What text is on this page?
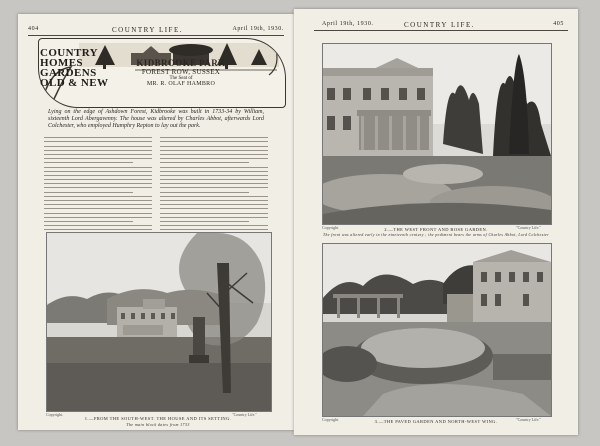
404	COUNTRY LIFE.	April 19th, 1930.
COUNTRY
HOMES
GARDENS
OLD & NEW
KIDBROOKE PARK
FOREST ROW, SUSSEX
The Seat of
MR. R. OLAF HAMBRO
Lying on the edge of Ashdown Forest, Kidbrooke was built in 1733-34 by William, sixteenth Lord Abergavenny. The house was altered by Charles Abbot, afterwards Lord Colchester, who employed Humphry Repton to lay out the park.
Copyright.	"Country Life."
1.—FROM THE SOUTH-WEST. THE HOUSE AND ITS SETTING.
The main block dates from 1733
April 19th, 1930.	COUNTRY LIFE.	405
Copyright.	"Country Life."
2.—THE WEST FRONT AND ROSE GARDEN.
The front was altered early in the nineteenth century ; the pediment bears the arms of Charles Abbot, Lord Colchester
Copyright.	"Country Life."
3.—THE PAVED GARDEN AND NORTH-WEST WING.
